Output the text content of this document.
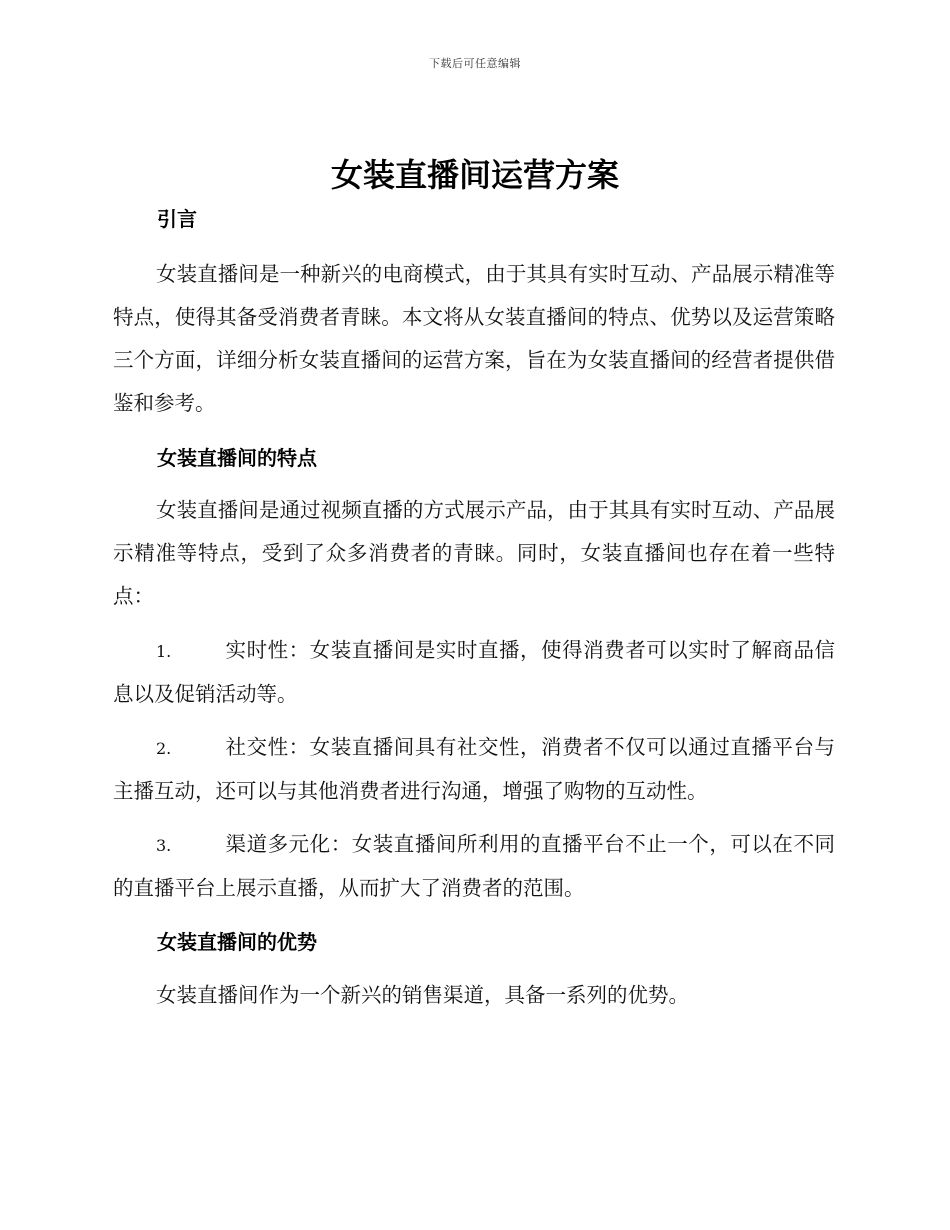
下载后可任意编辑
女装直播间运营方案
引言
女装直播间是一种新兴的电商模式，由于其具有实时互动、产品展示精准等特点，使得其备受消费者青睐。本文将从女装直播间的特点、优势以及运营策略三个方面，详细分析女装直播间的运营方案，旨在为女装直播间的经营者提供借鉴和参考。
女装直播间的特点
女装直播间是通过视频直播的方式展示产品，由于其具有实时互动、产品展示精准等特点，受到了众多消费者的青睐。同时，女装直播间也存在着一些特点：
1.	实时性：女装直播间是实时直播，使得消费者可以实时了解商品信息以及促销活动等。
2.	社交性：女装直播间具有社交性，消费者不仅可以通过直播平台与主播互动，还可以与其他消费者进行沟通，增强了购物的互动性。
3.	渠道多元化：女装直播间所利用的直播平台不止一个，可以在不同的直播平台上展示直播，从而扩大了消费者的范围。
女装直播间的优势
女装直播间作为一个新兴的销售渠道，具备一系列的优势。
